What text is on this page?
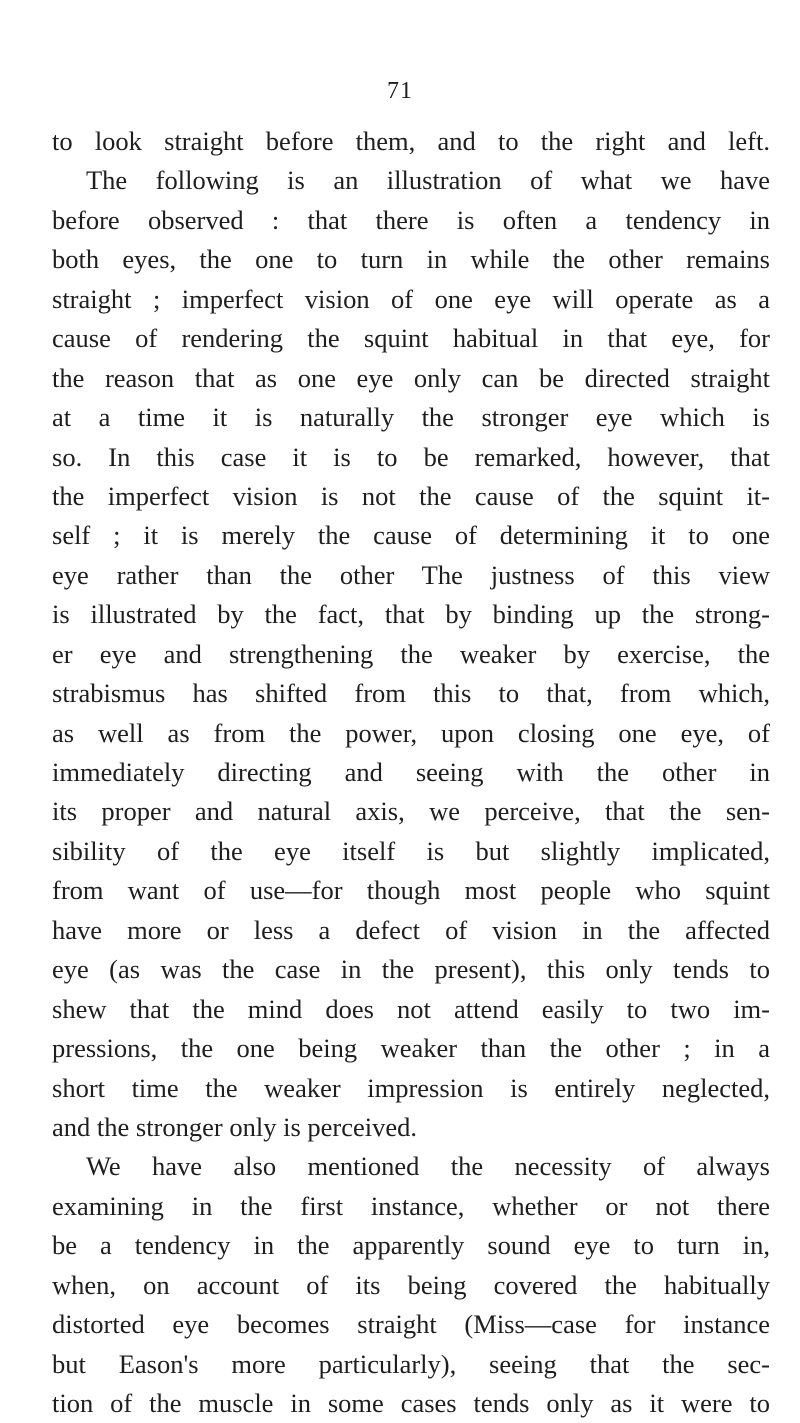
71
to look straight before them, and to the right and left.
The following is an illustration of what we have
before observed : that there is often a tendency in
both eyes, the one to turn in while the other remains
straight ; imperfect vision of one eye will operate as a
cause of rendering the squint habitual in that eye, for
the reason that as one eye only can be directed straight
at a time it is naturally the stronger eye which is
so. In this case it is to be remarked, however, that
the imperfect vision is not the cause of the squint it-
self ; it is merely the cause of determining it to one
eye rather than the other The justness of this view
is illustrated by the fact, that by binding up the strong-
er eye and strengthening the weaker by exercise, the
strabismus has shifted from this to that, from which,
as well as from the power, upon closing one eye, of
immediately directing and seeing with the other in
its proper and natural axis, we perceive, that the sen-
sibility of the eye itself is but slightly implicated,
from want of use—for though most people who squint
have more or less a defect of vision in the affected
eye (as was the case in the present), this only tends to
shew that the mind does not attend easily to two im-
pressions, the one being weaker than the other ; in a
short time the weaker impression is entirely neglected,
and the stronger only is perceived.
We have also mentioned the necessity of always
examining in the first instance, whether or not there
be a tendency in the apparently sound eye to turn in,
when, on account of its being covered the habitually
distorted eye becomes straight (Miss—case for instance
but Eason's more particularly), seeing that the sec-
tion of the muscle in some cases tends only as it were to
